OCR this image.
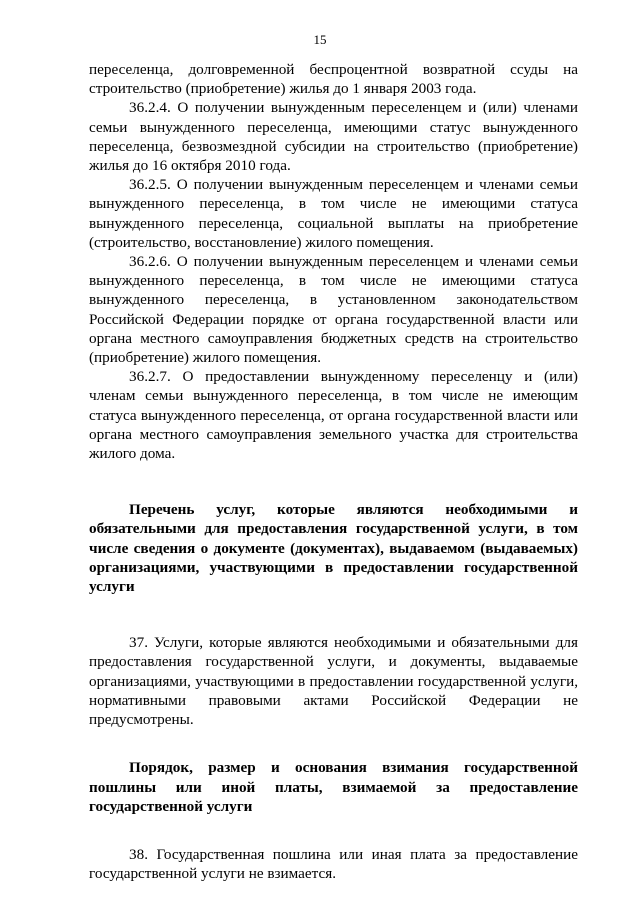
15

переселенца, долговременной беспроцентной возвратной ссуды на строительство (приобретение) жилья до 1 января 2003 года.

36.2.4. О получении вынужденным переселенцем и (или) членами семьи вынужденного переселенца, имеющими статус вынужденного переселенца, безвозмездной субсидии на строительство (приобретение) жилья до 16 октября 2010 года.

36.2.5. О получении вынужденным переселенцем и членами семьи вынужденного переселенца, в том числе не имеющими статуса вынужденного переселенца, социальной выплаты на приобретение (строительство, восстановление) жилого помещения.

36.2.6. О получении вынужденным переселенцем и членами семьи вынужденного переселенца, в том числе не имеющими статуса вынужденного переселенца, в установленном законодательством Российской Федерации порядке от органа государственной власти или органа местного самоуправления бюджетных средств на строительство (приобретение) жилого помещения.

36.2.7. О предоставлении вынужденному переселенцу и (или) членам семьи вынужденного переселенца, в том числе не имеющим статуса вынужденного переселенца, от органа государственной власти или органа местного самоуправления земельного участка для строительства жилого дома.

Перечень услуг, которые являются необходимыми и обязательными для предоставления государственной услуги, в том числе сведения о документе (документах), выдаваемом (выдаваемых) организациями, участвующими в предоставлении государственной услуги

37. Услуги, которые являются необходимыми и обязательными для предоставления государственной услуги, и документы, выдаваемые организациями, участвующими в предоставлении государственной услуги, нормативными правовыми актами Российской Федерации не предусмотрены.

Порядок, размер и основания взимания государственной пошлины или иной платы, взимаемой за предоставление государственной услуги

38. Государственная пошлина или иная плата за предоставление государственной услуги не взимается.
